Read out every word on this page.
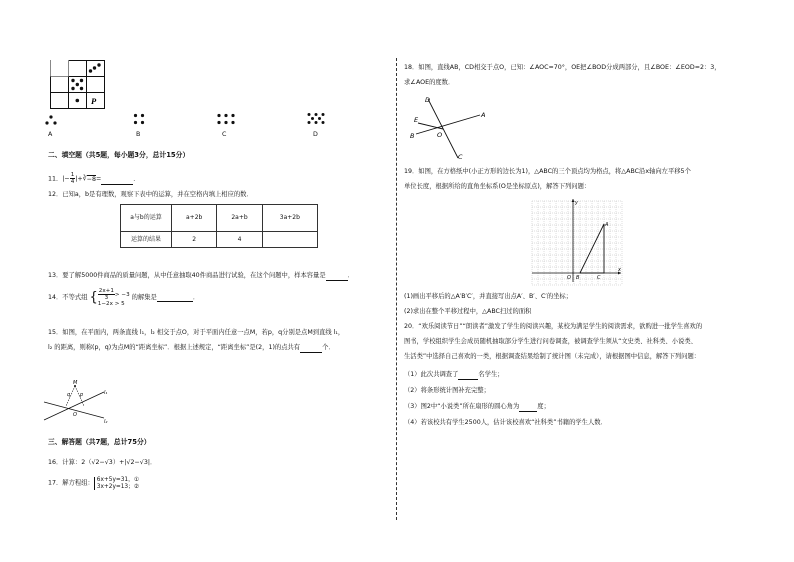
P
A	B	C	D
二、填空题（共5题，每小题3分，总计15分）
11．|− $\frac{1}{4}|+∛-8=$	．
12．已知a，b是有理数，观察下表中的运算，并在空格内填上相应的数．
a与b的运算	a+2b	2a+b	3a+2b
运算的结果	2	4	
13．要了解5000件商品的质量问题，从中任意抽取40件商品进行试验，在这个问题中，样本容量是	．
14．不等式组 { $\frac{2x+1}{3}> -3$
1−2x > 5
的解集是	．
15．如图，在平面内，两条直线 l₁，l₂ 相交于点O，对于平面内任意一点M，若p，q分别是点M到直线 l₁，
l₂ 的距离，则称(p，q)为点M的“距离坐标”．根据上述规定，“距离坐标”是(2，1)的点共有	个．
M
q p
O
l₁
l₂
三、解答题（共7题，总计75分）
16．计算：2（√2−√3）+|√2−√3|．
17．解方程组： 6x+5y=31，①
3x+2y=13；②
18．如图，直线AB，CD相交于点O，已知：∠AOC=70°，OE把∠BOD分成两部分，且∠BOE：∠EOD=2：3，
求∠AOE的度数．
D
A
E
B	O
C
19．如图，在方格纸中(小正方形的边长为1)，△ABC的三个顶点均为格点，将△ABC沿x轴向左平移5个
单位长度，根据所给的直角坐标系(O是坐标原点)，解答下列问题：
y
x
O B	C
A
(1)画出平移后的△A′B′C′，并直接写出点A′、B′、C′的坐标；
(2)求出在整个平移过程中，△ABC扫过的面积
20．“欢乐阅读节日”“朗读者”激发了学生的阅读兴趣，某校为满足学生的阅读需求，欲购进一批学生喜欢的
图书，学校组织学生会成员随机抽取部分学生进行问卷调查，被调查学生须从“文史类、社科类、小说类、
生活类”中选择自己喜欢的一类，根据调查结果绘制了统计图（未完成），请根据图中信息，解答下列问题：
（1）此次共调查了	名学生；
（2）将条形统计图补充完整；
（3）图2中“小说类”所在扇形的圆心角为	度；
（4）若该校共有学生2500人，估计该校喜欢“社科类”书籍的学生人数．
